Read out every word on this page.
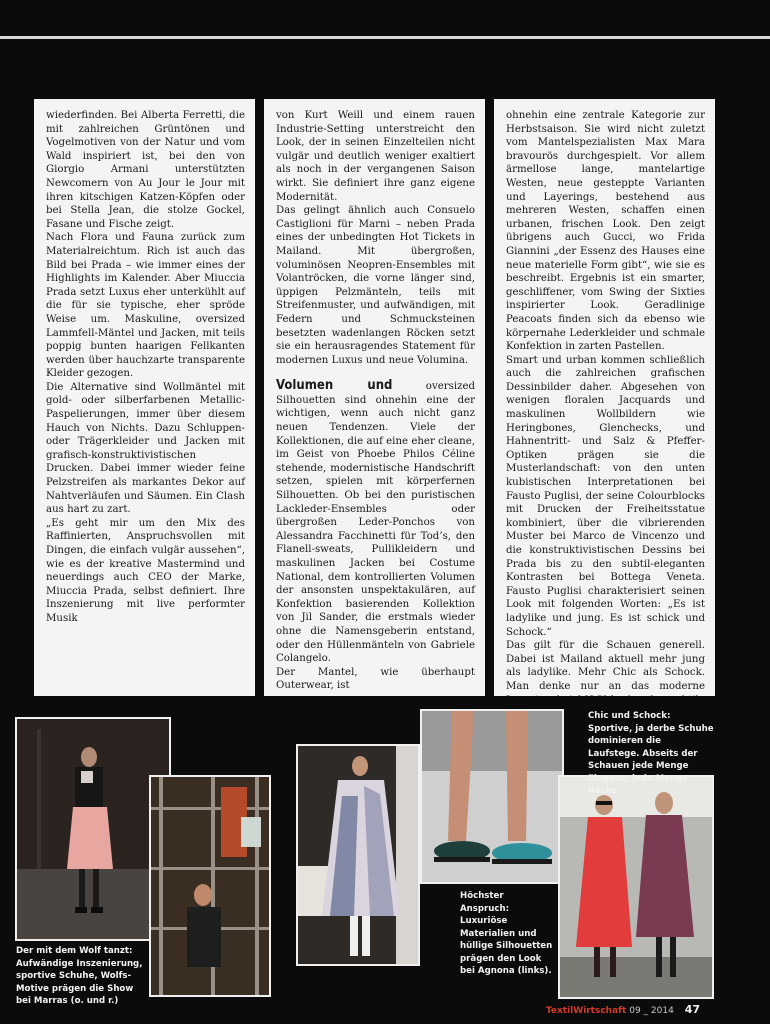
wiederfinden. Bei Alberta Ferretti, die mit zahlreichen Grüntönen und Vogelmotiven von der Natur und vom Wald inspiriert ist, bei den von Giorgio Armani unterstützten Newcomern von Au Jour le Jour mit ihren kitschigen Katzen-Köpfen oder bei Stella Jean, die stolze Gockel, Fasane und Fische zeigt.

Nach Flora und Fauna zurück zum Materialreichtum. Rich ist auch das Bild bei Prada – wie immer eines der Highlights im Kalender. Aber Miuccia Prada setzt Luxus eher unterkühlt auf die für sie typische, eher spröde Weise um. Maskuline, oversized Lammfell-Mäntel und Jacken, mit teils poppig bunten haarigen Fellkanten werden über hauchzarte transparente Kleider gezogen.

Die Alternative sind Wollmäntel mit gold- oder silberfarbenen Metallic-Paspelierungen, immer über diesem Hauch von Nichts. Dazu Schluppen- oder Trägerkleider und Jacken mit grafisch-konstruktivistischen Drucken. Dabei immer wieder feine Pelzstreifen als markantes Dekor auf Nahtverläufen und Säumen. Ein Clash aus hart zu zart.

„Es geht mir um den Mix des Raffinierten, Anspruchsvollen mit Dingen, die einfach vulgär aussehen“, wie es der kreative Mastermind und neuerdings auch CEO der Marke, Miuccia Prada, selbst definiert. Ihre Inszenierung mit live performter Musik

von Kurt Weill und einem rauen Industrie-Setting unterstreicht den Look, der in seinen Einzelteilen nicht vulgär und deutlich weniger exaltiert als noch in der vergangenen Saison wirkt. Sie definiert ihre ganz eigene Modernität.

Das gelingt ähnlich auch Consuelo Castiglioni für Marni – neben Prada eines der unbedingten Hot Tickets in Mailand. Mit übergroßen, voluminösen Neopren-Ensembles mit Volantröcken, die vorne länger sind, üppigen Pelzmänteln, teils mit Streifenmuster, und aufwändigen, mit Federn und Schmucksteinen besetzten wadenlangen Röcken setzt sie ein herausragendes Statement für modernen Luxus und neue Volumina.

Volumen und oversized Silhouetten sind ohnehin eine der wichtigen, wenn auch nicht ganz neuen Tendenzen. Viele der Kollektionen, die auf eine eher cleane, im Geist von Phoebe Philos Céline stehende, modernistische Handschrift setzen, spielen mit körperfernen Silhouetten. Ob bei den puristischen Lackleder-Ensembles oder übergroßen Leder-Ponchos von Alessandra Facchinetti für Tod’s, den Flanell-sweats, Pullikleidern und maskulinen Jacken bei Costume National, dem kontrollierten Volumen der ansonsten unspektakulären, auf Konfektion basierenden Kollektion von Jil Sander, die erstmals wieder ohne die Namensgeberin entstand, oder den Hüllenmänteln von Gabriele Colangelo.

Der Mantel, wie überhaupt Outerwear, ist

ohnehin eine zentrale Kategorie zur Herbstsaison. Sie wird nicht zuletzt vom Mantelspezialisten Max Mara bravourös durchgespielt. Vor allem ärmellose lange, mantelartige Westen, neue gesteppte Varianten und Layerings, bestehend aus mehreren Westen, schaffen einen urbanen, frischen Look. Den zeigt übrigens auch Gucci, wo Frida Giannini „der Essenz des Hauses eine neue materielle Form gibt“, wie sie es beschreibt. Ergebnis ist ein smarter, geschliffener, vom Swing der Sixties inspirierter Look. Geradlinige Peacoats finden sich da ebenso wie körpernahe Lederkleider und schmale Konfektion in zarten Pastellen.

Smart und urban kommen schließlich auch die zahlreichen grafischen Dessinbilder daher. Abgesehen von wenigen floralen Jacquards und maskulinen Wollbildern wie Heringbones, Glenchecks, und Hahnentritt- und Salz & Pfeffer-Optiken prägen sie die Musterlandschaft: von den unten kubistischen Interpretationen bei Fausto Puglisi, der seine Colourblocks mit Drucken der Freiheitsstatue kombiniert, über die vibrierenden Muster bei Marco de Vincenzo und die konstruktivistischen Dessins bei Prada bis zu den subtil-eleganten Kontrasten bei Bottega Veneta. Fausto Puglisi charakterisiert seinen Look mit folgenden Worten: „Es ist ladylike und jung. Es ist schick und Schock.“

Das gilt für die Schauen generell. Dabei ist Mailand aktuell mehr jung als ladylike. Mehr Chic als Schock. Man denke nur an das moderne

Der mit dem Wolf tanzt: Aufwändige Inszenierung, sportive Schuhe, Wolfs-Motive prägen die Show bei Marras (o. und r.)
Höchster Anspruch: Luxuriöse Materialien und hüllige Silhouetten prägen den Look bei Agnona (links).
Chic und Schock: Sportive, ja derbe Schuhe dominieren die Laufstege. Abseits der Schauen jede Menge Eleganz, jede Menge Röcke.
TextilWirtschaft 09 _ 2014 47
